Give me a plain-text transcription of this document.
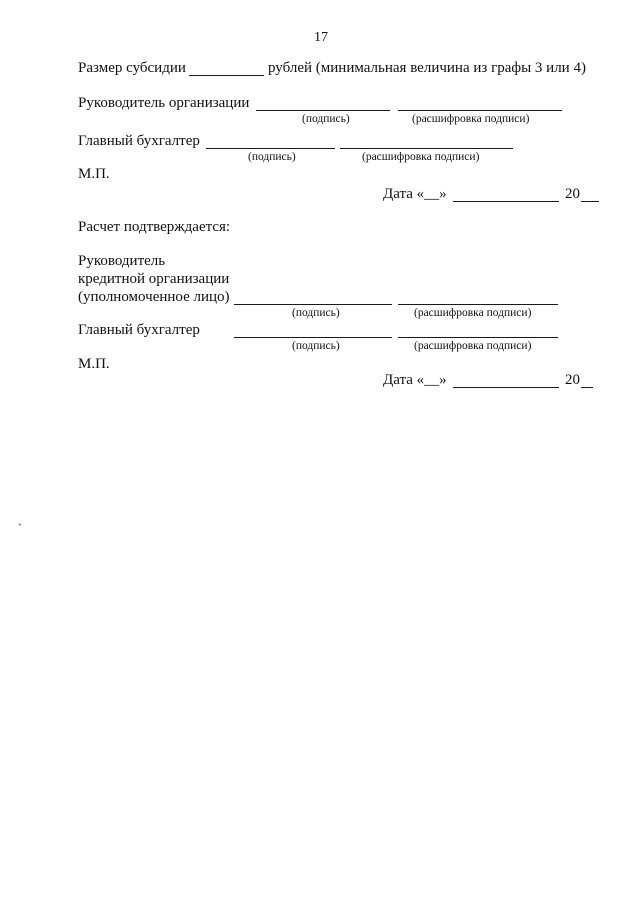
17
Размер субсидии	рублей (минимальная величина из графы 3 или 4)
Руководитель организации
(подпись)	(расшифровка подписи)
Главный бухгалтер
(подпись)	(расшифровка подписи)
М.П.
Дата «__»	20
Расчет подтверждается:
Руководитель
кредитной организации
(уполномоченное лицо)
(подпись)	(расшифровка подписи)
Главный бухгалтер
(подпись)	(расшифровка подписи)
М.П.
Дата «__»	20
`
